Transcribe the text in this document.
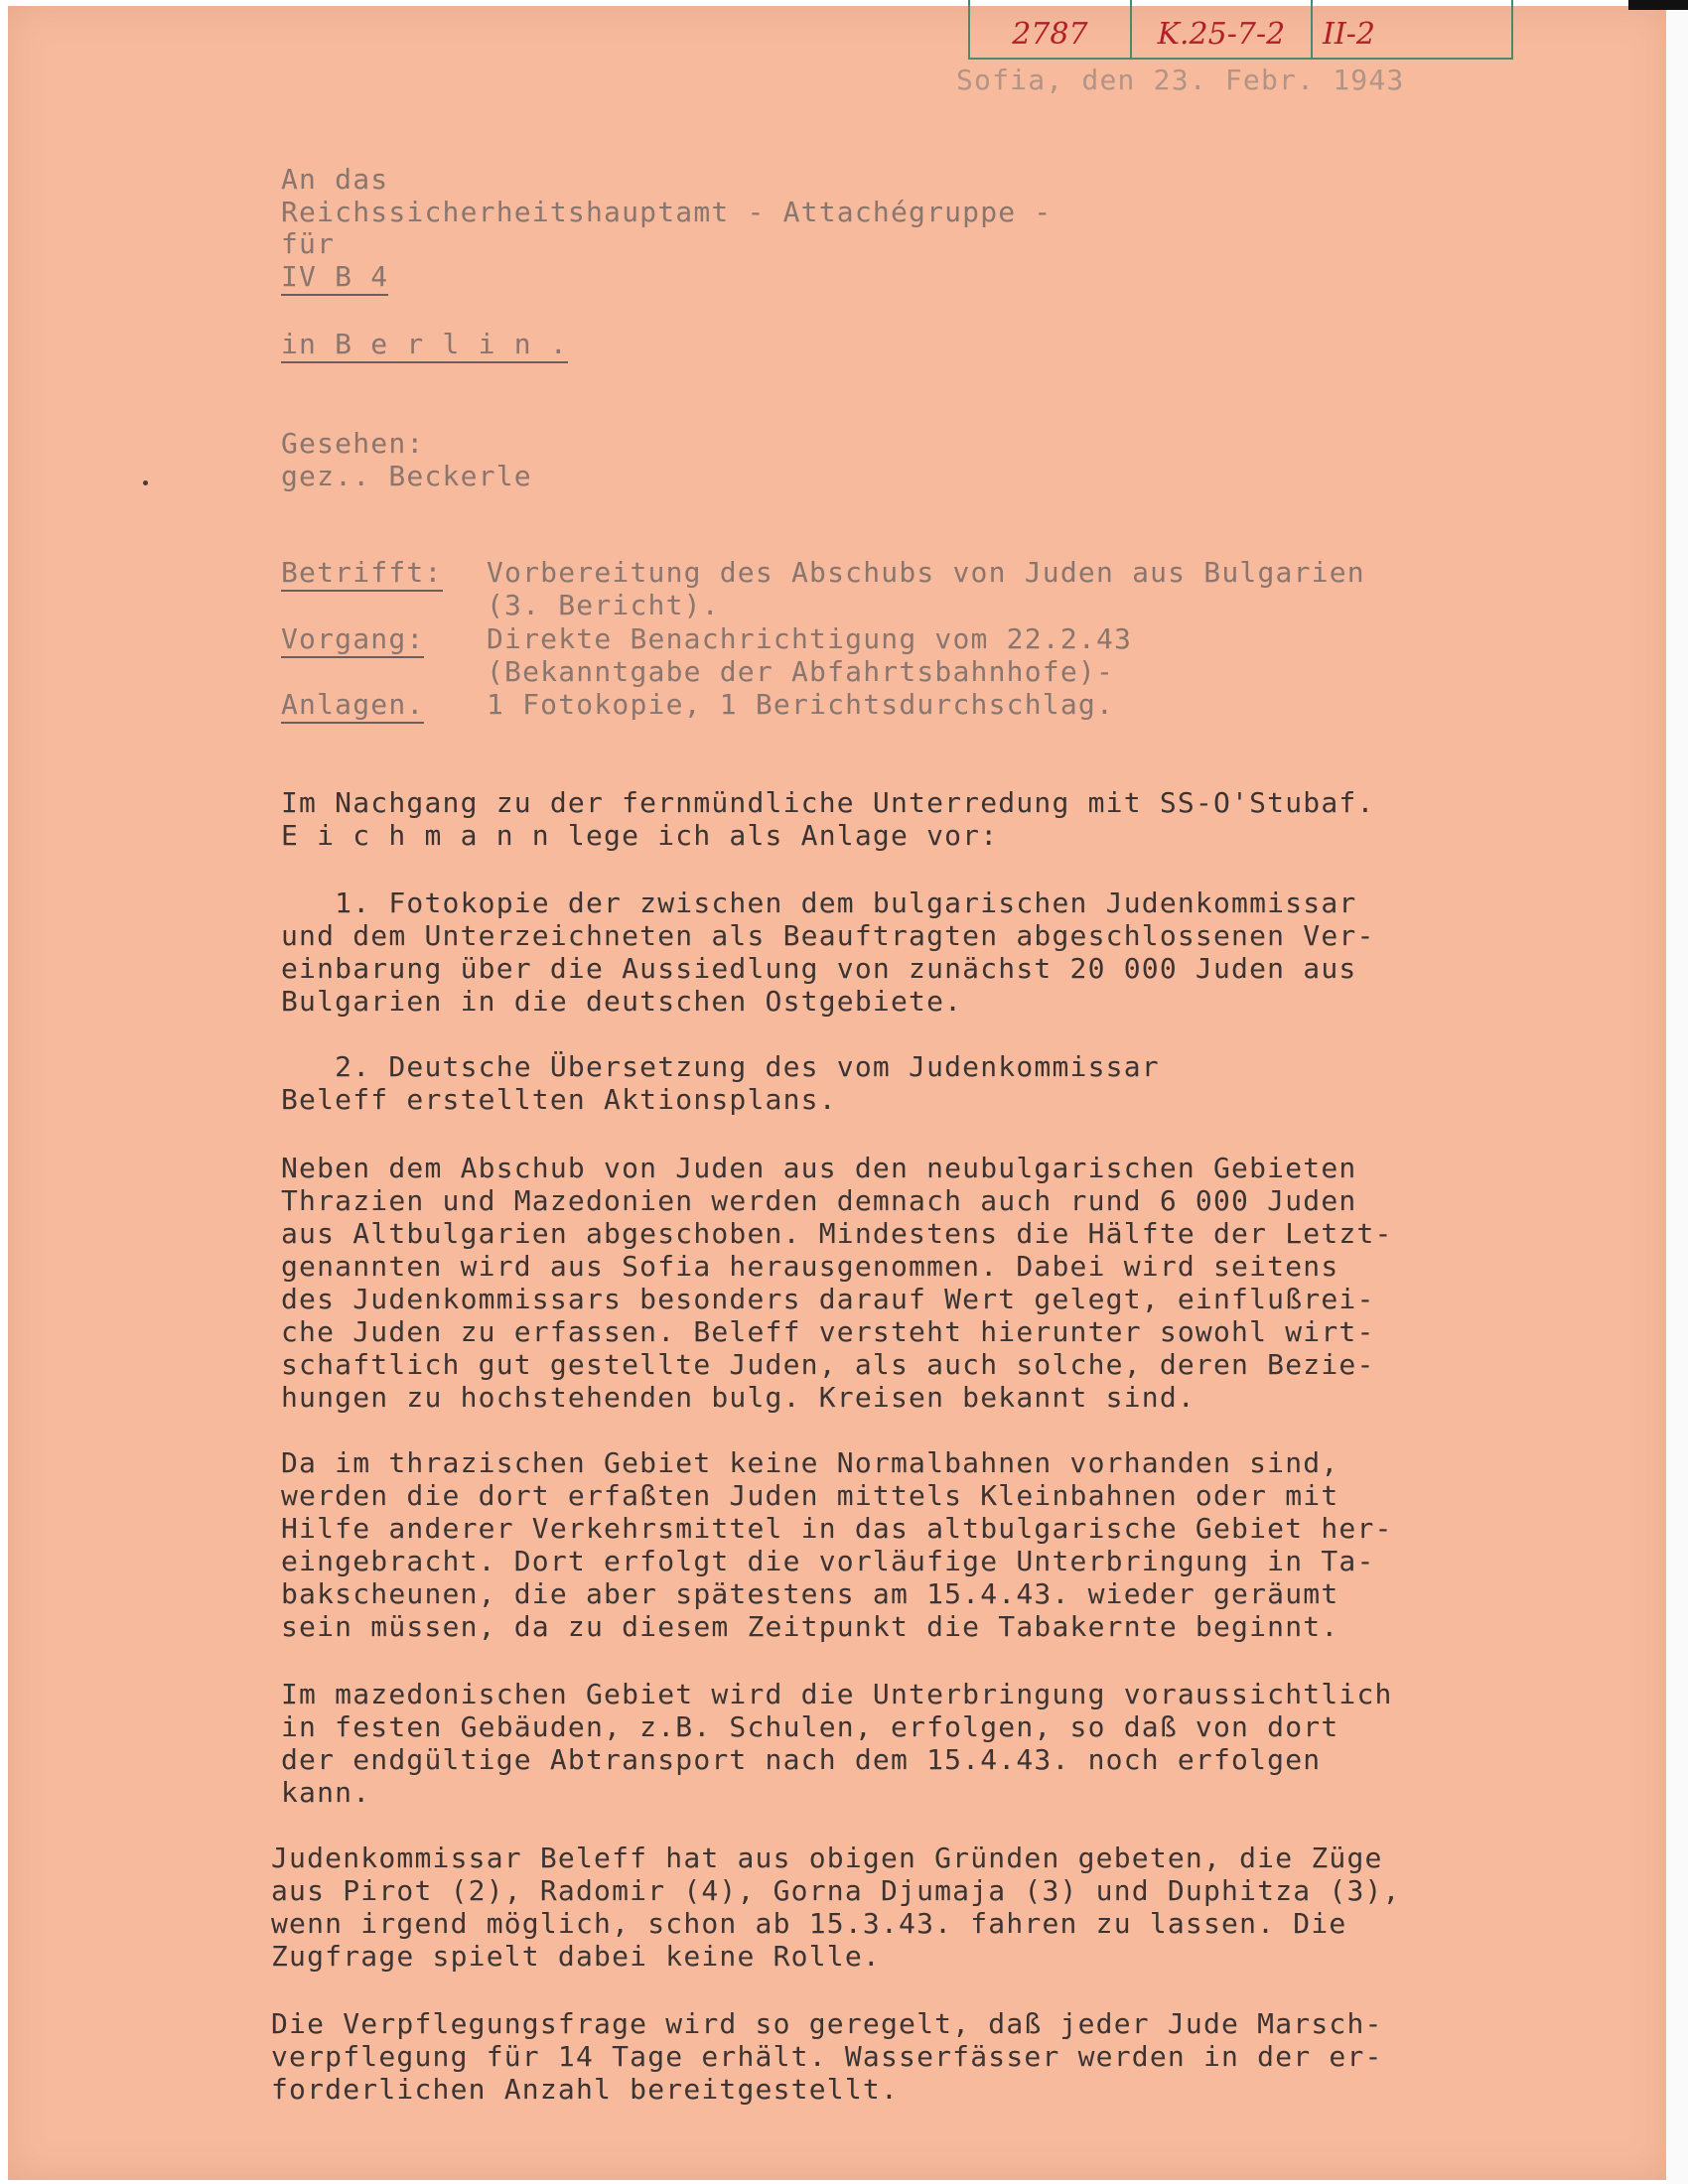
2787	K.25-7-2	II-2
Sofia, den 23. Febr. 1943
An das
Reichssicherheitshauptamt - Attachégruppe -
für
IV B 4
in B e r l i n .
Gesehen:
gez.. Beckerle
Betrifft: Vorbereitung des Abschubs von Juden aus Bulgarien
(3. Bericht).
Vorgang: Direkte Benachrichtigung vom 22.2.43
(Bekanntgabe der Abfahrtsbahnhofe)-
Anlagen. 1 Fotokopie, 1 Berichtsdurchschlag.
Im Nachgang zu der fernmündliche Unterredung mit SS-O'Stubaf.
E i c h m a n n lege ich als Anlage vor:
1. Fotokopie der zwischen dem bulgarischen Judenkommissar
und dem Unterzeichneten als Beauftragten abgeschlossenen Ver-
einbarung über die Aussiedlung von zunächst 20 000 Juden aus
Bulgarien in die deutschen Ostgebiete.
2. Deutsche Übersetzung des vom Judenkommissar
Beleff erstellten Aktionsplans.
Neben dem Abschub von Juden aus den neubulgarischen Gebieten
Thrazien und Mazedonien werden demnach auch rund 6 000 Juden
aus Altbulgarien abgeschoben. Mindestens die Hälfte der Letzt-
genannten wird aus Sofia herausgenommen. Dabei wird seitens
des Judenkommissars besonders darauf Wert gelegt, einflußrei-
che Juden zu erfassen. Beleff versteht hierunter sowohl wirt-
schaftlich gut gestellte Juden, als auch solche, deren Bezie-
hungen zu hochstehenden bulg. Kreisen bekannt sind.
Da im thrazischen Gebiet keine Normalbahnen vorhanden sind,
werden die dort erfaßten Juden mittels Kleinbahnen oder mit
Hilfe anderer Verkehrsmittel in das altbulgarische Gebiet her-
eingebracht. Dort erfolgt die vorläufige Unterbringung in Ta-
bakscheunen, die aber spätestens am 15.4.43. wieder geräumt
sein müssen, da zu diesem Zeitpunkt die Tabakernte beginnt.
Im mazedonischen Gebiet wird die Unterbringung voraussichtlich
in festen Gebäuden, z.B. Schulen, erfolgen, so daß von dort
der endgültige Abtransport nach dem 15.4.43. noch erfolgen
kann.
Judenkommissar Beleff hat aus obigen Gründen gebeten, die Züge
aus Pirot (2), Radomir (4), Gorna Djumaja (3) und Duphitza (3),
wenn irgend möglich, schon ab 15.3.43. fahren zu lassen. Die
Zugfrage spielt dabei keine Rolle.
Die Verpflegungsfrage wird so geregelt, daß jeder Jude Marsch-
verpflegung für 14 Tage erhält. Wasserfässer werden in der er-
forderlichen Anzahl bereitgestellt.
